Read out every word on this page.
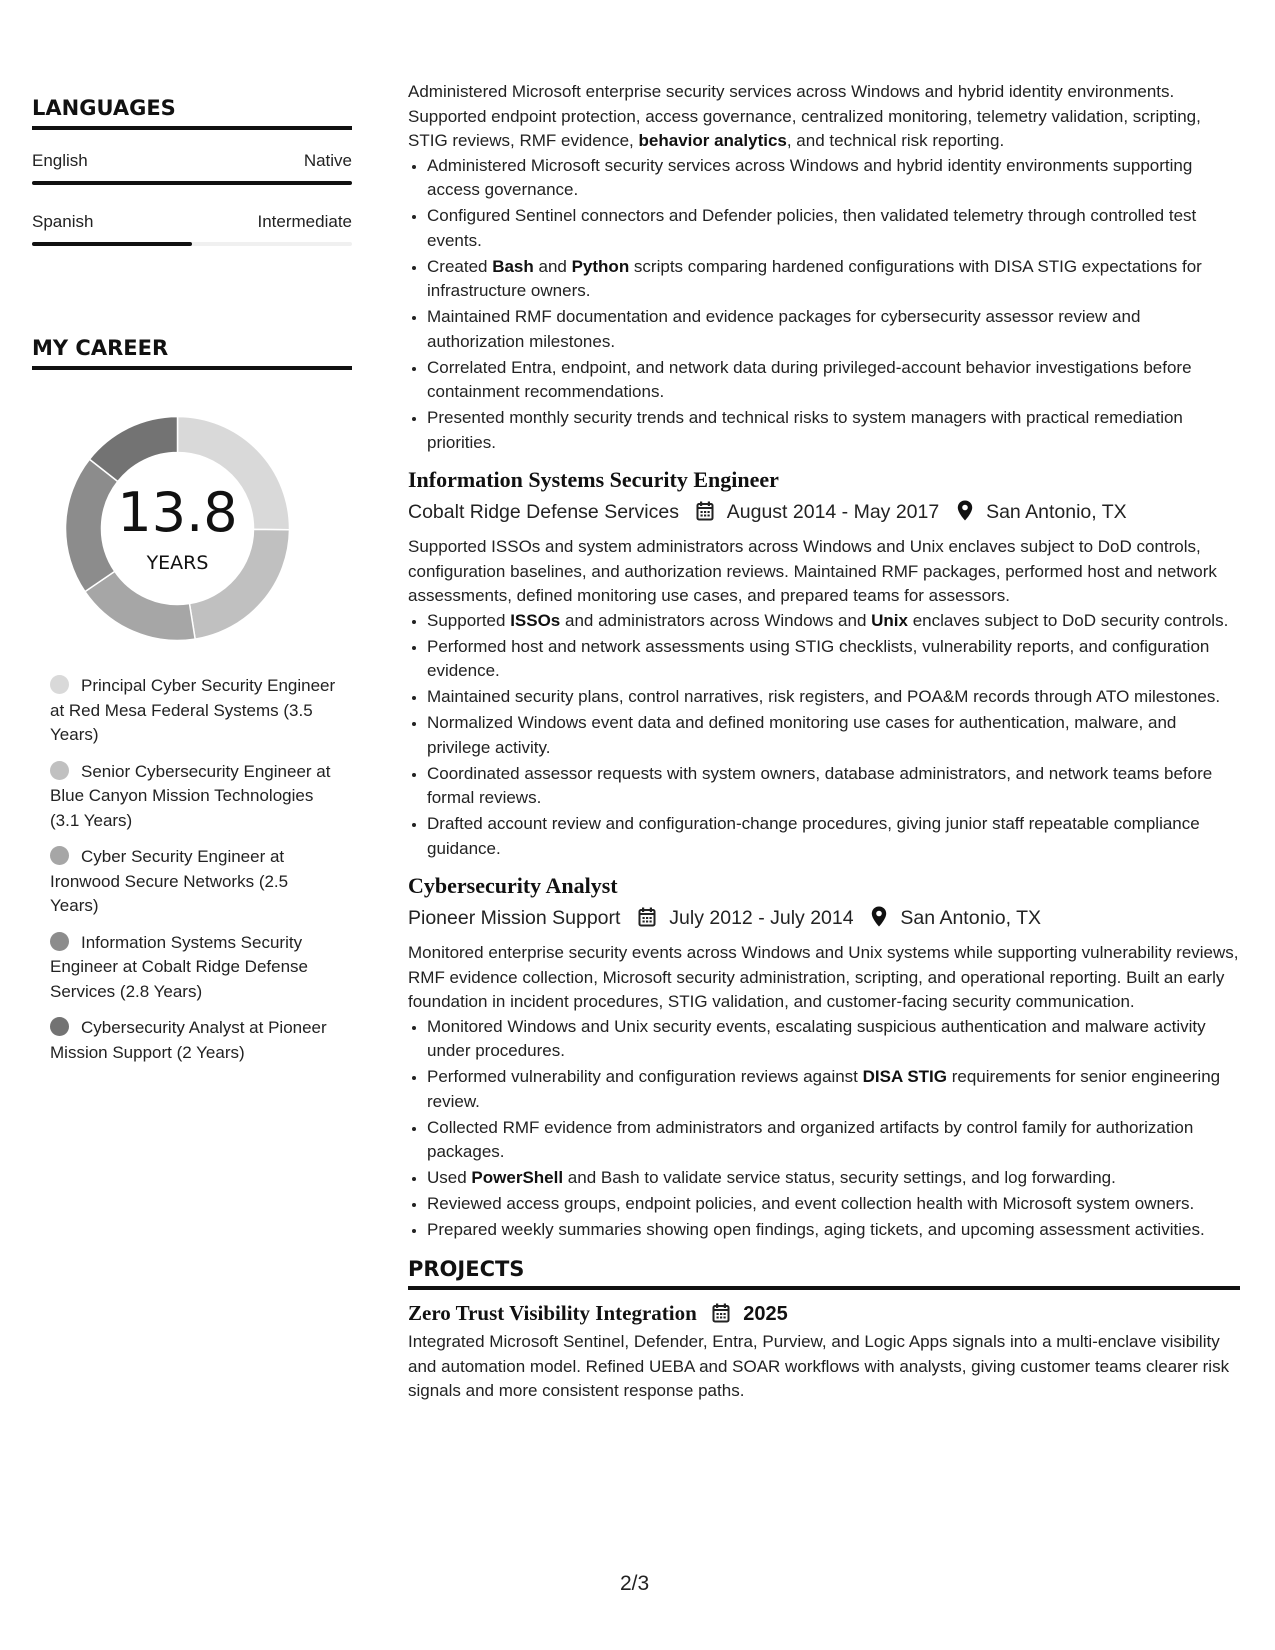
LANGUAGES
English	Native
Spanish	Intermediate
MY CAREER
13.8
YEARS
Principal Cyber Security Engineer at Red Mesa Federal Systems (3.5 Years)
Senior Cybersecurity Engineer at Blue Canyon Mission Technologies (3.1 Years)
Cyber Security Engineer at Ironwood Secure Networks (2.5 Years)
Information Systems Security Engineer at Cobalt Ridge Defense Services (2.8 Years)
Cybersecurity Analyst at Pioneer Mission Support (2 Years)

Administered Microsoft enterprise security services across Windows and hybrid identity environments. Supported endpoint protection, access governance, centralized monitoring, telemetry validation, scripting, STIG reviews, RMF evidence, behavior analytics, and technical risk reporting.

• Administered Microsoft security services across Windows and hybrid identity environments supporting access governance.
• Configured Sentinel connectors and Defender policies, then validated telemetry through controlled test events.
• Created Bash and Python scripts comparing hardened configurations with DISA STIG expectations for infrastructure owners.
• Maintained RMF documentation and evidence packages for cybersecurity assessor review and authorization milestones.
• Correlated Entra, endpoint, and network data during privileged-account behavior investigations before containment recommendations.
• Presented monthly security trends and technical risks to system managers with practical remediation priorities.
Information Systems Security Engineer
Cobalt Ridge Defense Services August 2014 - May 2017 San Antonio, TX

Supported ISSOs and system administrators across Windows and Unix enclaves subject to DoD controls, configuration baselines, and authorization reviews. Maintained RMF packages, performed host and network assessments, defined monitoring use cases, and prepared teams for assessors.

• Supported ISSOs and administrators across Windows and Unix enclaves subject to DoD security controls.
• Performed host and network assessments using STIG checklists, vulnerability reports, and configuration evidence.
• Maintained security plans, control narratives, risk registers, and POA&M records through ATO milestones.
• Normalized Windows event data and defined monitoring use cases for authentication, malware, and privilege activity.
• Coordinated assessor requests with system owners, database administrators, and network teams before formal reviews.
• Drafted account review and configuration-change procedures, giving junior staff repeatable compliance guidance.
Cybersecurity Analyst
Pioneer Mission Support	July 2012 - July 2014 San Antonio, TX

Monitored enterprise security events across Windows and Unix systems while supporting vulnerability reviews, RMF evidence collection, Microsoft security administration, scripting, and operational reporting. Built an early foundation in incident procedures, STIG validation, and customer-facing security communication.

• Monitored Windows and Unix security events, escalating suspicious authentication and malware activity under procedures.
• Performed vulnerability and configuration reviews against DISA STIG requirements for senior engineering review.
• Collected RMF evidence from administrators and organized artifacts by control family for authorization packages.
• Used PowerShell and Bash to validate service status, security settings, and log forwarding.
• Reviewed access groups, endpoint policies, and event collection health with Microsoft system owners.
• Prepared weekly summaries showing open findings, aging tickets, and upcoming assessment activities.
PROJECTS
Zero Trust Visibility Integration 2025

Integrated Microsoft Sentinel, Defender, Entra, Purview, and Logic Apps signals into a multi-enclave visibility and automation model. Refined UEBA and SOAR workflows with analysts, giving customer teams clearer risk signals and more consistent response paths.

2/3
